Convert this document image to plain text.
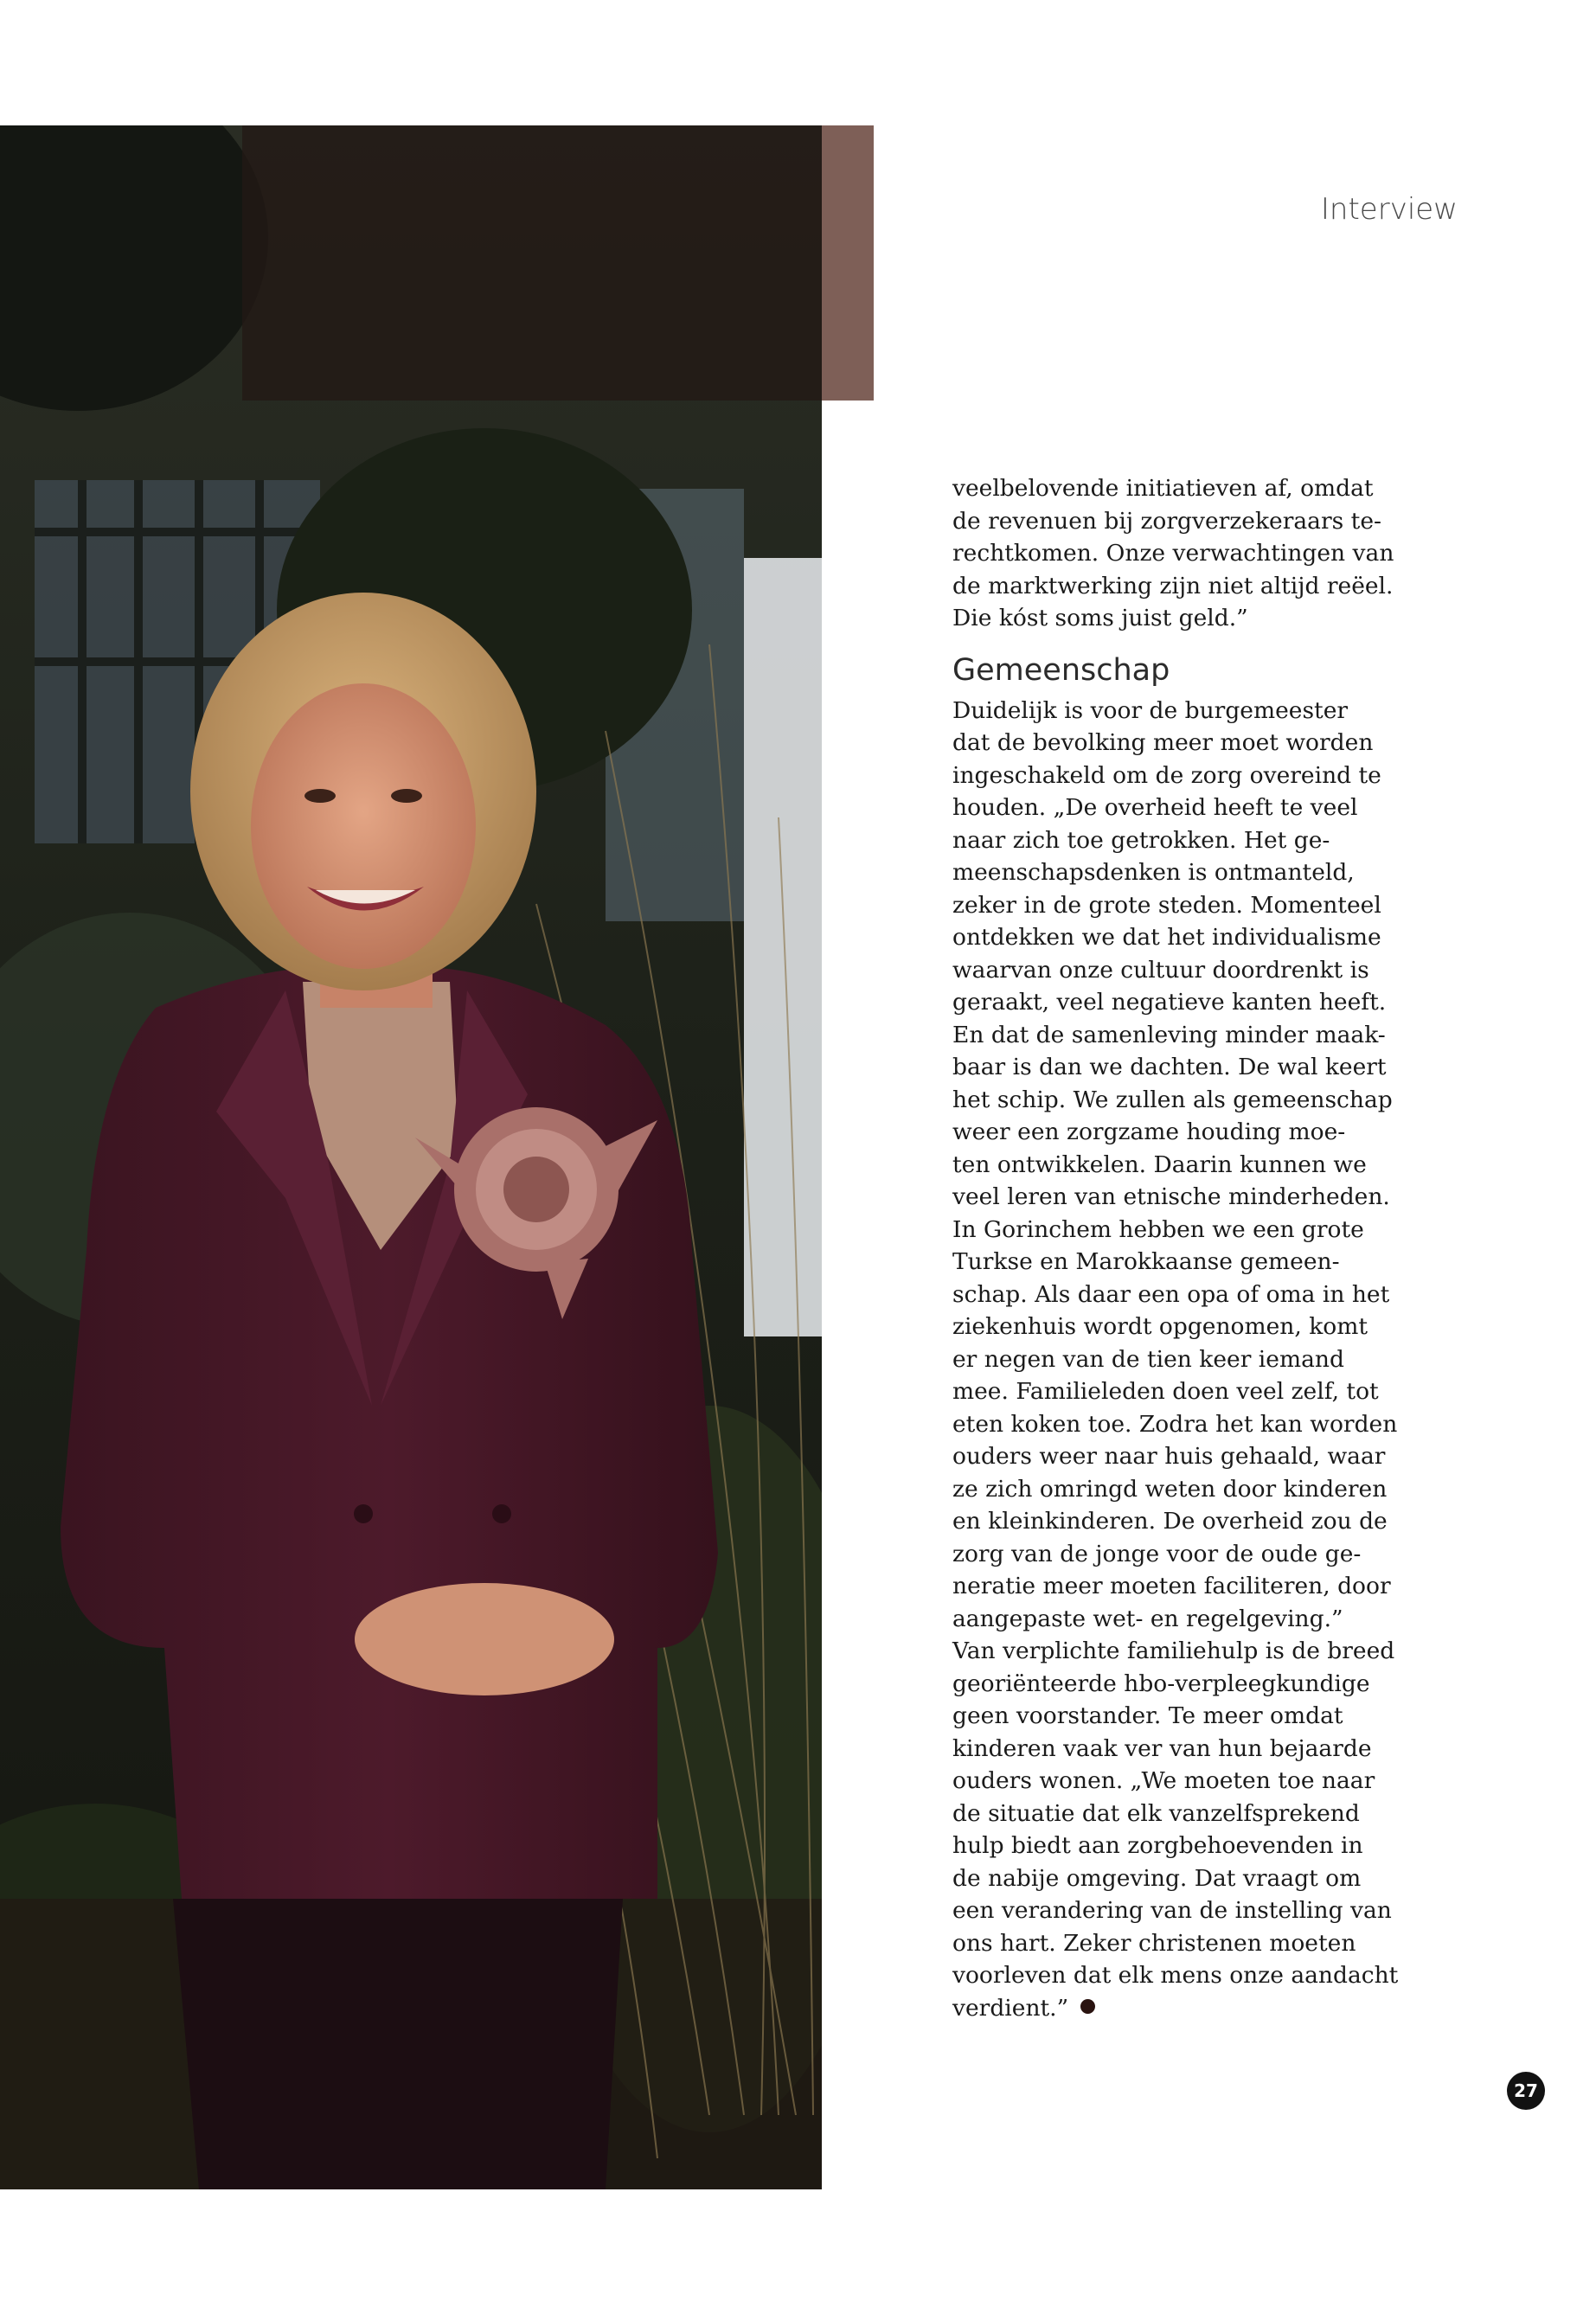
Interview
veelbelovende initiatieven af, omdat
de revenuen bij zorgverzekeraars te-
rechtkomen. Onze verwachtingen van
de marktwerking zijn niet altijd reëel.
Die kóst soms juist geld.”
Gemeenschap
Duidelijk is voor de burgemeester
dat de bevolking meer moet worden
ingeschakeld om de zorg overeind te
houden. „De overheid heeft te veel
naar zich toe getrokken. Het ge-
meenschapsdenken is ontmanteld,
zeker in de grote steden. Momenteel
ontdekken we dat het individualisme
waarvan onze cultuur doordrenkt is
geraakt, veel negatieve kanten heeft.
En dat de samenleving minder maak-
baar is dan we dachten. De wal keert
het schip. We zullen als gemeenschap
weer een zorgzame houding moe-
ten ontwikkelen. Daarin kunnen we
veel leren van etnische minderheden.
In Gorinchem hebben we een grote
Turkse en Marokkaanse gemeen-
schap. Als daar een opa of oma in het
ziekenhuis wordt opgenomen, komt
er negen van de tien keer iemand
mee. Familieleden doen veel zelf, tot
eten koken toe. Zodra het kan worden
ouders weer naar huis gehaald, waar
ze zich omringd weten door kinderen
en kleinkinderen. De overheid zou de
zorg van de jonge voor de oude ge-
neratie meer moeten faciliteren, door
aangepaste wet- en regelgeving.”
Van verplichte familiehulp is de breed
georiënteerde hbo-verpleegkundige
geen voorstander. Te meer omdat
kinderen vaak ver van hun bejaarde
ouders wonen. „We moeten toe naar
de situatie dat elk vanzelfsprekend
hulp biedt aan zorgbehoevenden in
de nabije omgeving. Dat vraagt om
een verandering van de instelling van
ons hart. Zeker christenen moeten
voorleven dat elk mens onze aandacht
verdient.”
27
